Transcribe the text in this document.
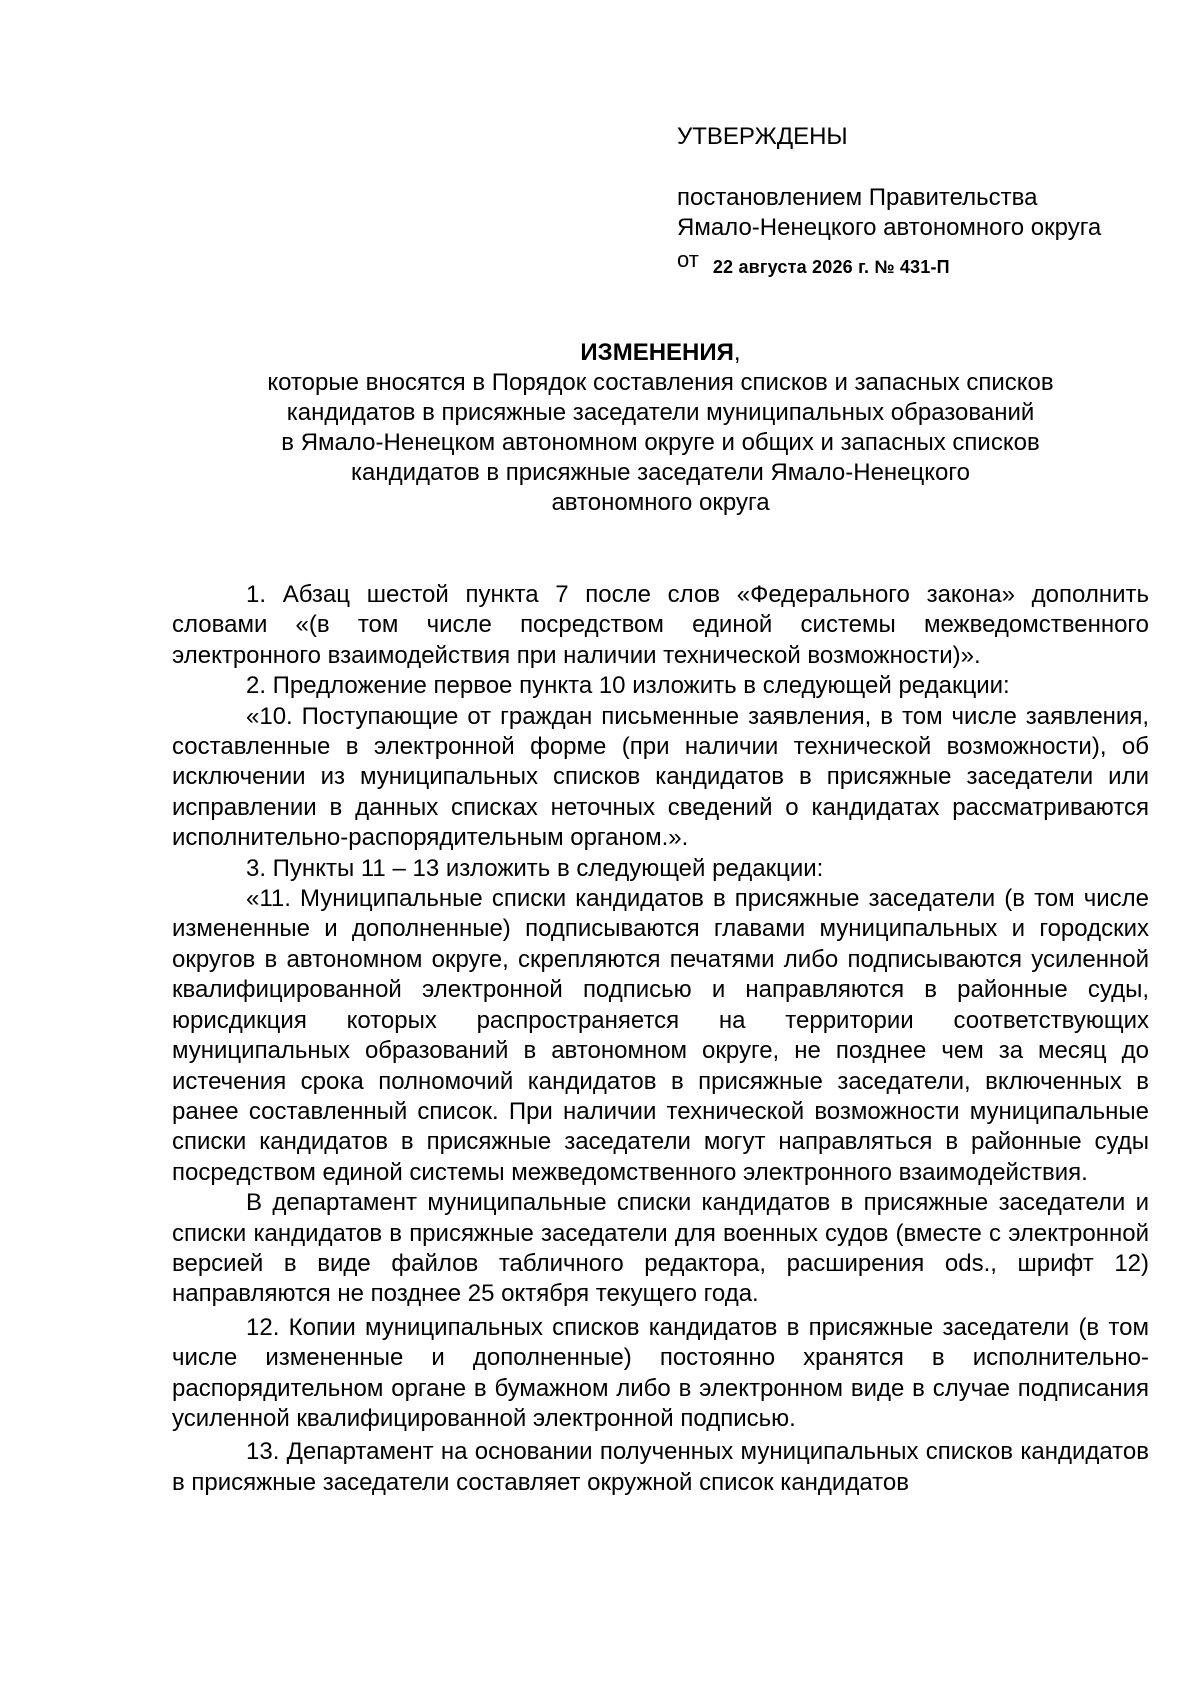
УТВЕРЖДЕНЫ
постановлением Правительства
Ямало-Ненецкого автономного округа
от $_{22 августа 2026 г. № 431-П}$
ИЗМЕНЕНИЯ,
которые вносятся в Порядок составления списков и запасных списков
кандидатов в присяжные заседатели муниципальных образований
в Ямало-Ненецком автономном округе и общих и запасных списков
кандидатов в присяжные заседатели Ямало-Ненецкого
автономного округа

1. Абзац шестой пункта 7 после слов «Федерального закона» дополнить словами «(в том числе посредством единой системы межведомственного электронного взаимодействия при наличии технической возможности)».

2. Предложение первое пункта 10 изложить в следующей редакции:

«10. Поступающие от граждан письменные заявления, в том числе заявления, составленные в электронной форме (при наличии технической возможности), об исключении из муниципальных списков кандидатов в присяжные заседатели или исправлении в данных списках неточных сведений о кандидатах рассматриваются исполнительно-распорядительным органом.».

3. Пункты 11 – 13 изложить в следующей редакции:

«11. Муниципальные списки кандидатов в присяжные заседатели (в том числе измененные и дополненные) подписываются главами муниципальных и городских округов в автономном округе, скрепляются печатями либо подписываются усиленной квалифицированной электронной подписью и направляются в районные суды, юрисдикция которых распространяется на территории соответствующих муниципальных образований в автономном округе, не позднее чем за месяц до истечения срока полномочий кандидатов в присяжные заседатели, включенных в ранее составленный список. При наличии технической возможности муниципальные списки кандидатов в присяжные заседатели могут направляться в районные суды посредством единой системы межведомственного электронного взаимодействия.

В департамент муниципальные списки кандидатов в присяжные заседатели и списки кандидатов в присяжные заседатели для военных судов (вместе с электронной версией в виде файлов табличного редактора, расширения ods., шрифт 12) направляются не позднее 25 октября текущего года.

12. Копии муниципальных списков кандидатов в присяжные заседатели (в том числе измененные и дополненные) постоянно хранятся в исполнительно-распорядительном органе в бумажном либо в электронном виде в случае подписания усиленной квалифицированной электронной подписью.

13. Департамент на основании полученных муниципальных списков кандидатов в присяжные заседатели составляет окружной список кандидатов
